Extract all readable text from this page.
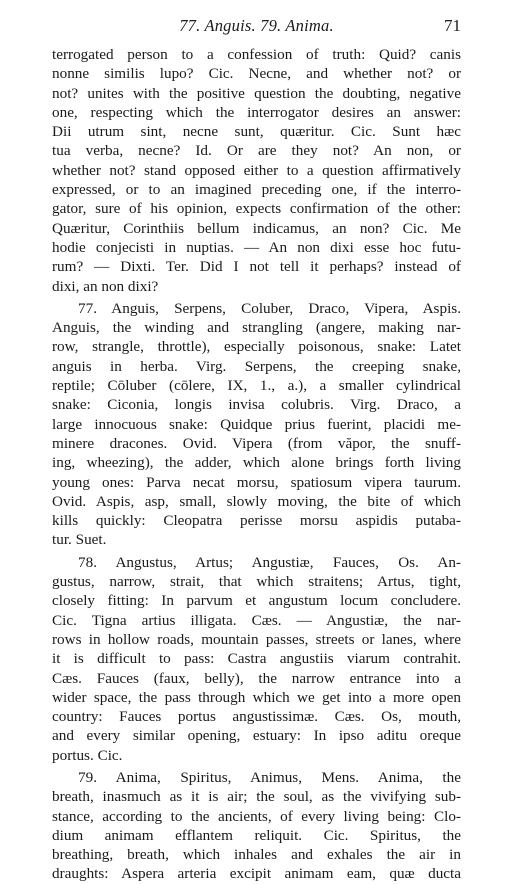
77. Anguis. 79. Anima.	71
terrogated person to a confession of truth: Quid? canis
nonne similis lupo? Cic. Necne, and whether not? or
not? unites with the positive question the doubting, negative
one, respecting which the interrogator desires an answer:
Dii utrum sint, necne sunt, quæritur. Cic. Sunt hæc
tua verba, necne? Id. Or are they not? An non, or
whether not? stand opposed either to a question affirmatively
expressed, or to an imagined preceding one, if the interro-
gator, sure of his opinion, expects confirmation of the other:
Quæritur, Corinthiis bellum indicamus, an non? Cic. Me
hodie conjecisti in nuptias. — An non dixi esse hoc futu-
rum? — Dixti. Ter. Did I not tell it perhaps? instead of
dixi, an non dixi?
77. Anguis, Serpens, Coluber, Draco, Vipera, Aspis.
Anguis, the winding and strangling (angere, making nar-
row, strangle, throttle), especially poisonous, snake: Latet
anguis in herba. Virg. Serpens, the creeping snake,
reptile; Cōluber (cōlere, IX, 1., a.), a smaller cylindrical
snake: Ciconia, longis invisa colubris. Virg. Draco, a
large innocuous snake: Quidque prius fuerint, placidi me-
minere dracones. Ovid. Vipera (from văpor, the snuff-
ing, wheezing), the adder, which alone brings forth living
young ones: Parva necat morsu, spatiosum vipera taurum.
Ovid. Aspis, asp, small, slowly moving, the bite of which
kills quickly: Cleopatra perisse morsu aspidis putaba-
tur. Suet.
78. Angustus, Artus; Angustiæ, Fauces, Os. An-
gustus, narrow, strait, that which straitens; Artus, tight,
closely fitting: In parvum et angustum locum concludere.
Cic. Tigna artius illigata. Cæs. — Angustiæ, the nar-
rows in hollow roads, mountain passes, streets or lanes, where
it is difficult to pass: Castra angustiis viarum contrahit.
Cæs. Fauces (faux, belly), the narrow entrance into a
wider space, the pass through which we get into a more open
country: Fauces portus angustissimæ. Cæs. Os, mouth,
and every similar opening, estuary: In ipso aditu oreque
portus. Cic.
79. Anima, Spiritus, Animus, Mens. Anima, the
breath, inasmuch as it is air; the soul, as the vivifying sub-
stance, according to the ancients, of every living being: Clo-
dium animam efflantem reliquit. Cic. Spiritus, the
breathing, breath, which inhales and exhales the air in
draughts: Aspera arteria excipit animam eam, quæ ducta
